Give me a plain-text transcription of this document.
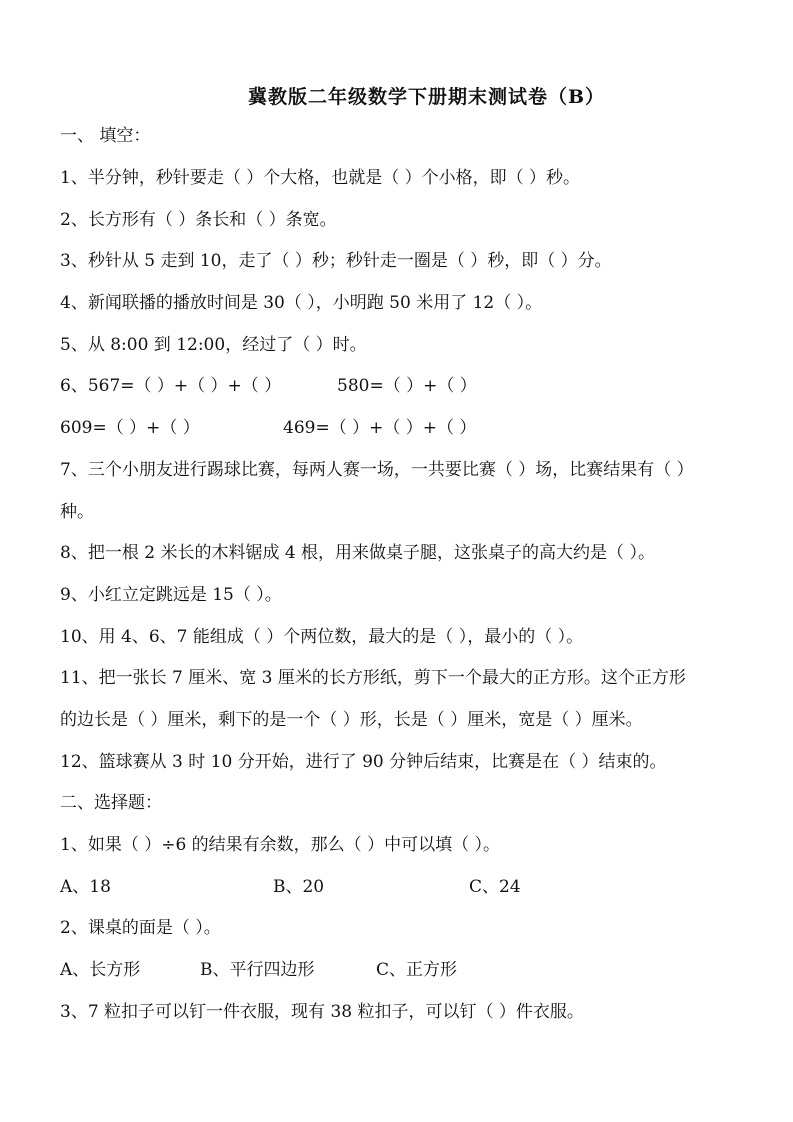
冀教版二年级数学下册期末测试卷（B）
一、 填空：
1、半分钟，秒针要走（ ）个大格，也就是（ ）个小格，即（ ）秒。
2、长方形有（ ）条长和（ ）条宽。
3、秒针从 5 走到 10，走了（ ）秒；秒针走一圈是（ ）秒，即（ ）分。
4、新闻联播的播放时间是 30（ ），小明跑 50 米用了 12（ ）。
5、从 8:00 到 12:00，经过了（ ）时。
6、567=（ ）+（ ）+（ ）	580=（ ）+（ ）
609=（ ）+（ ）	469=（ ）+（ ）+（ ）
7、三个小朋友进行踢球比赛，每两人赛一场，一共要比赛（ ）场，比赛结果有（ ）
种。
8、把一根 2 米长的木料锯成 4 根，用来做桌子腿，这张桌子的高大约是（ ）。
9、小红立定跳远是 15（ ）。
10、用 4、6、7 能组成（ ）个两位数，最大的是（ ），最小的（ ）。
11、把一张长 7 厘米、宽 3 厘米的长方形纸，剪下一个最大的正方形。这个正方形
的边长是（ ）厘米，剩下的是一个（ ）形，长是（ ）厘米，宽是（ ）厘米。
12、篮球赛从 3 时 10 分开始，进行了 90 分钟后结束，比赛是在（ ）结束的。
二、选择题：
1、如果（ ）÷6 的结果有余数，那么（ ）中可以填（ ）。
A、18	B、20	C、24
2、课桌的面是（ ）。
A、长方形	B、平行四边形	C、正方形
3、7 粒扣子可以钉一件衣服，现有 38 粒扣子，可以钉（ ）件衣服。
